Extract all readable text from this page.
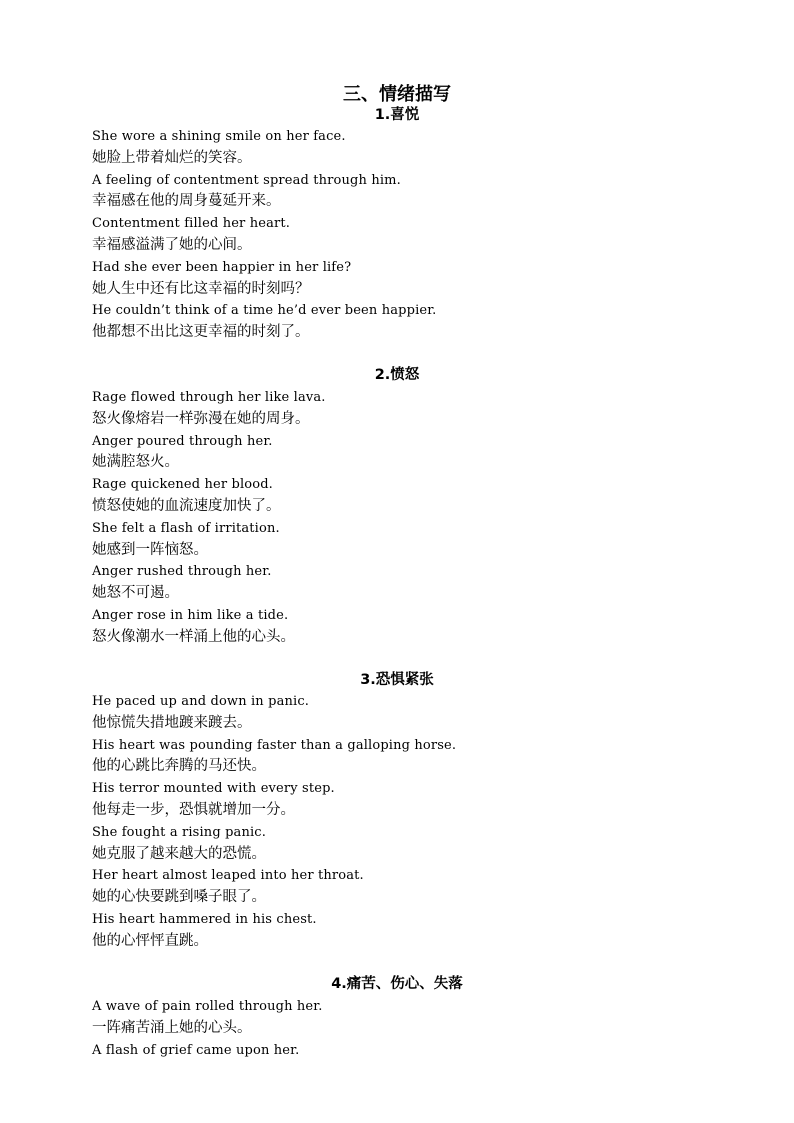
三、情绪描写
1.喜悦
She wore a shining smile on her face.
她脸上带着灿烂的笑容。
A feeling of contentment spread through him.
幸福感在他的周身蔓延开来。
Contentment filled her heart.
幸福感溢满了她的心间。
Had she ever been happier in her life?
她人生中还有比这幸福的时刻吗？
He couldn’t think of a time he’d ever been happier.
他都想不出比这更幸福的时刻了。
2.愤怒
Rage flowed through her like lava.
怒火像熔岩一样弥漫在她的周身。
Anger poured through her.
她满腔怒火。
Rage quickened her blood.
愤怒使她的血流速度加快了。
She felt a flash of irritation.
她感到一阵恼怒。
Anger rushed through her.
她怒不可遏。
Anger rose in him like a tide.
怒火像潮水一样涌上他的心头。
3.恐惧紧张
He paced up and down in panic.
他惊慌失措地踱来踱去。
His heart was pounding faster than a galloping horse.
他的心跳比奔腾的马还快。
His terror mounted with every step.
他每走一步，恐惧就增加一分。
She fought a rising panic.
她克服了越来越大的恐慌。
Her heart almost leaped into her throat.
她的心快要跳到嗓子眼了。
His heart hammered in his chest.
他的心怦怦直跳。
4.痛苦、伤心、失落
A wave of pain rolled through her.
一阵痛苦涌上她的心头。
A flash of grief came upon her.
